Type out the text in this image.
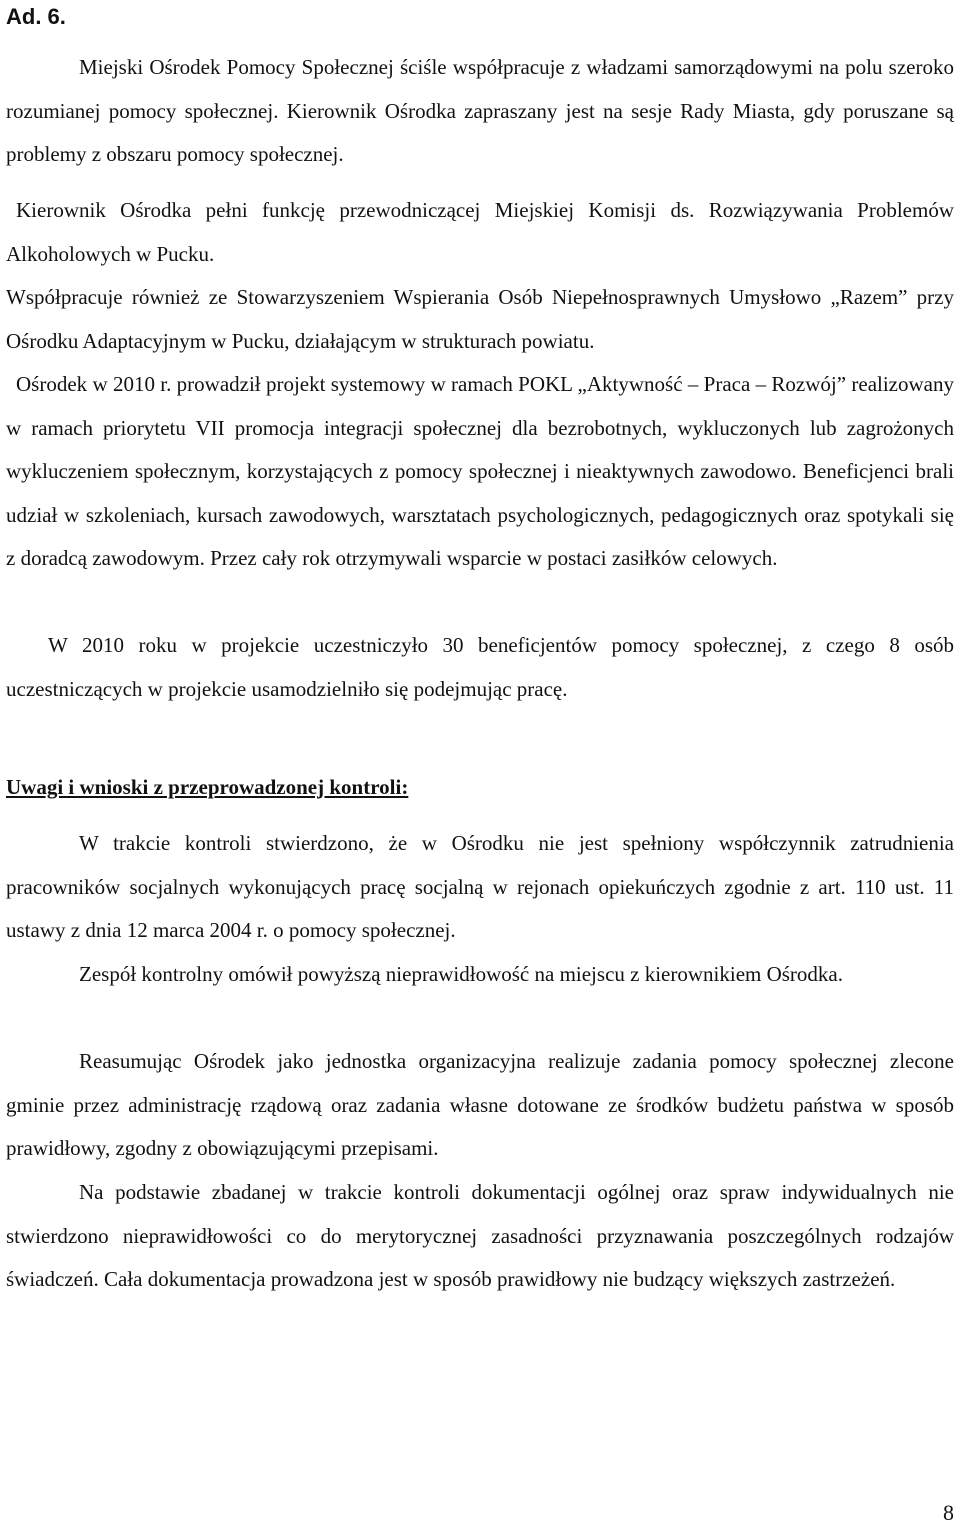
Ad. 6.

Miejski Ośrodek Pomocy Społecznej ściśle współpracuje z władzami samorządowymi na polu szeroko rozumianej pomocy społecznej. Kierownik Ośrodka zapraszany jest na sesje Rady Miasta, gdy poruszane są problemy z obszaru pomocy społecznej.

Kierownik Ośrodka pełni funkcję przewodniczącej Miejskiej Komisji ds. Rozwiązywania Problemów Alkoholowych w Pucku.

Współpracuje również ze Stowarzyszeniem Wspierania Osób Niepełnosprawnych Umysłowo „Razem” przy Ośrodku Adaptacyjnym w Pucku, działającym w strukturach powiatu.

Ośrodek w 2010 r. prowadził projekt systemowy w ramach POKL „Aktywność – Praca – Rozwój” realizowany w ramach priorytetu VII promocja integracji społecznej dla bezrobotnych, wykluczonych lub zagrożonych wykluczeniem społecznym, korzystających z pomocy społecznej i nieaktywnych zawodowo. Beneficjenci brali udział w szkoleniach, kursach zawodowych, warsztatach psychologicznych, pedagogicznych oraz spotykali się z doradcą zawodowym. Przez cały rok otrzymywali wsparcie w postaci zasiłków celowych.

W 2010 roku w projekcie uczestniczyło 30 beneficjentów pomocy społecznej, z czego 8 osób uczestniczących w projekcie usamodzielniło się podejmując pracę.

Uwagi i wnioski z przeprowadzonej kontroli:

W trakcie kontroli stwierdzono, że w Ośrodku nie jest spełniony współczynnik zatrudnienia pracowników socjalnych wykonujących pracę socjalną w rejonach opiekuńczych zgodnie z art. 110 ust. 11 ustawy z dnia 12 marca 2004 r. o pomocy społecznej.

Zespół kontrolny omówił powyższą nieprawidłowość na miejscu z kierownikiem Ośrodka.

Reasumując Ośrodek jako jednostka organizacyjna realizuje zadania pomocy społecznej zlecone gminie przez administrację rządową oraz zadania własne dotowane ze środków budżetu państwa w sposób prawidłowy, zgodny z obowiązującymi przepisami.

Na podstawie zbadanej w trakcie kontroli dokumentacji ogólnej oraz spraw indywidualnych nie stwierdzono nieprawidłowości co do merytorycznej zasadności przyznawania poszczególnych rodzajów świadczeń. Cała dokumentacja prowadzona jest w sposób prawidłowy nie budzący większych zastrzeżeń.

8
